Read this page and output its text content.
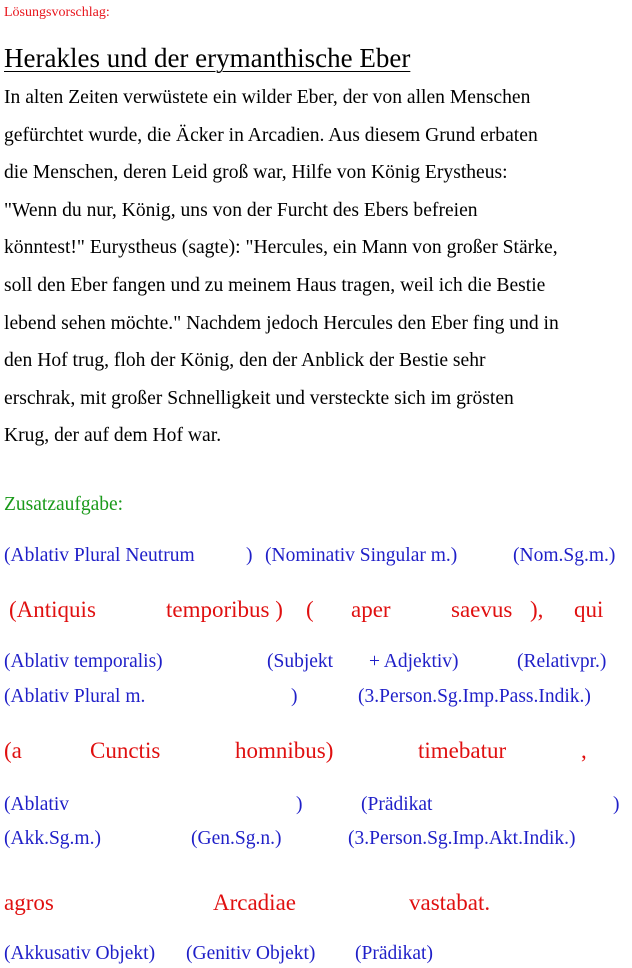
Lösungsvorschlag:
Herakles und der erymanthische Eber

In alten Zeiten verwüstete ein wilder Eber, der von allen Menschen
gefürchtet wurde, die Äcker in Arcadien. Aus diesem Grund erbaten
die Menschen, deren Leid groß war, Hilfe von König Erystheus:
"Wenn du nur, König, uns von der Furcht des Ebers befreien
könntest!" Eurystheus (sagte): "Hercules, ein Mann von großer Stärke,
soll den Eber fangen und zu meinem Haus tragen, weil ich die Bestie
lebend sehen möchte." Nachdem jedoch Hercules den Eber fing und in
den Hof trug, floh der König, den der Anblick der Bestie sehr
erschrak, mit großer Schnelligkeit und versteckte sich im grösten
Krug, der auf dem Hof war.

Zusatzaufgabe:
(Ablativ Plural Neutrum	) (Nominativ Singular m.)	(Nom.Sg.m.)
(Antiquis	temporibus ) ( aper	saevus ), qui
(Ablativ temporalis)	(Subjekt + Adjektiv)	(Relativpr.)
(Ablativ Plural m.	)	(3.Person.Sg.Imp.Pass.Indik.)
(a	Cunctis	homnibus)	timebatur	,
(Ablativ	)	(Prädikat	)
(Akk.Sg.m.)	(Gen.Sg.n.)	(3.Person.Sg.Imp.Akt.Indik.)
agros	Arcadiae	vastabat.
(Akkusativ Objekt) (Genitiv Objekt) (Prädikat)
